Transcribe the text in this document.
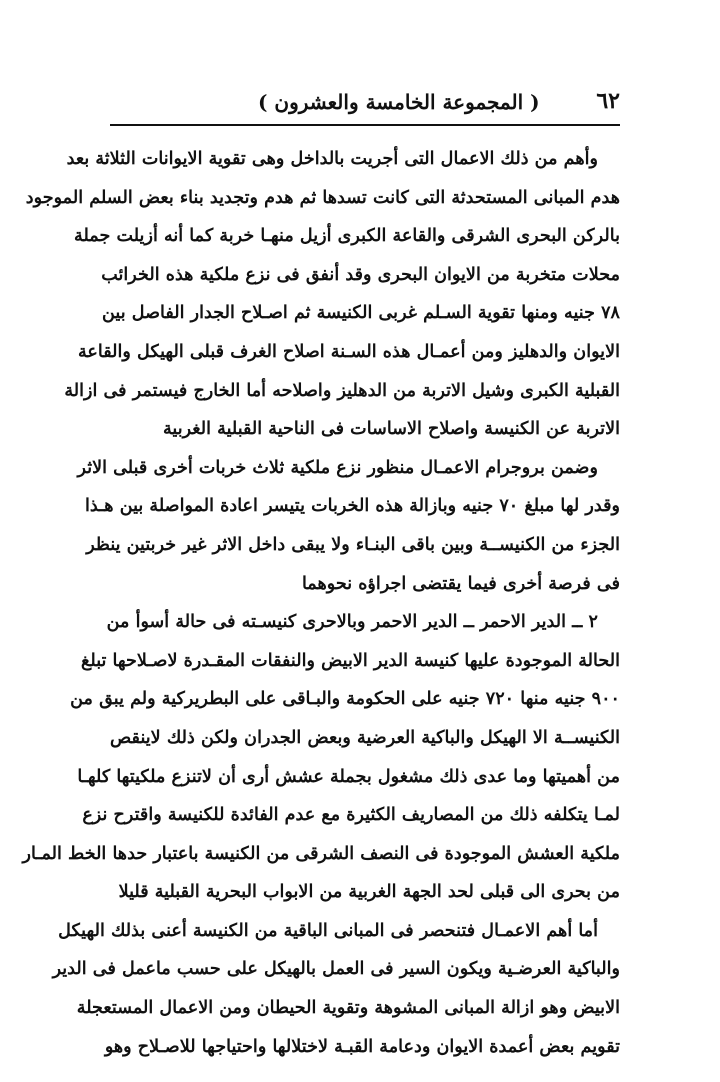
٦٢
( المجموعة الخامسة والعشرون )
وأهم من ذلك الاعمال التى أجريت بالداخل وهى تقوية الايوانات الثلاثة بعد
هدم المبانى المستحدثة التى كانت تسدها ثم هدم وتجديد بناء بعض السلم الموجود
بالركن البحرى الشرقى والقاعة الكبرى أزيل منهـا خربة كما أنه أزيلت جملة
محلات متخربة من الايوان البحرى وقد أنفق فى نزع ملكية هذه الخرائب
٧٨ جنيه ومنها تقوية السـلم غربى الكنيسة ثم اصـلاح الجدار الفاصل بين
الايوان والدهليز ومن أعمـال هذه السـنة اصلاح الغرف قبلى الهيكل والقاعة
القبلية الكبرى وشيل الاتربة من الدهليز واصلاحه أما الخارج فيستمر فى ازالة
الاتربة عن الكنيسة واصلاح الاساسات فى الناحية القبلية الغربية
وضمن بروجرام الاعمـال منظور نزع ملكية ثلاث خربات أخرى قبلى الاثر
وقدر لها مبلغ ٧٠ جنيه وبازالة هذه الخربات يتيسر اعادة المواصلة بين هـذا
الجزء من الكنيســة وبين باقى البنـاء ولا يبقى داخل الاثر غير خربتين ينظر
فى فرصة أخرى فيما يقتضى اجراؤه نحوهما
٢ ــ الدير الاحمر ــ الدير الاحمر وبالاحرى كنيسـته فى حالة أسوأ من
الحالة الموجودة عليها كنيسة الدير الابيض والنفقات المقـدرة لاصـلاحها تبلغ
٩٠٠ جنيه منها ٧٢٠ جنيه على الحكومة والبـاقى على البطريركية ولم يبق من
الكنيســة الا الهيكل والباكية العرضية وبعض الجدران ولكن ذلك لاينقص
من أهميتها وما عدى ذلك مشغول بجملة عشش أرى أن لاتنزع ملكيتها كلهـا
لمـا يتكلفه ذلك من المصاريف الكثيرة مع عدم الفائدة للكنيسة واقترح نزع
ملكية العشش الموجودة فى النصف الشرقى من الكنيسة باعتبار حدها الخط المـار
من بحرى الى قبلى لحد الجهة الغربية من الابواب البحرية القبلية قليلا
أما أهم الاعمـال فتنحصر فى المبانى الباقية من الكنيسة أعنى بذلك الهيكل
والباكية العرضـية ويكون السير فى العمل بالهيكل على حسب ماعمل فى الدير
الابيض وهو ازالة المبانى المشوهة وتقوية الحيطان ومن الاعمال المستعجلة
تقويم بعض أعمدة الايوان ودعامة القبـة لاختلالها واحتياجها للاصـلاح وهو
